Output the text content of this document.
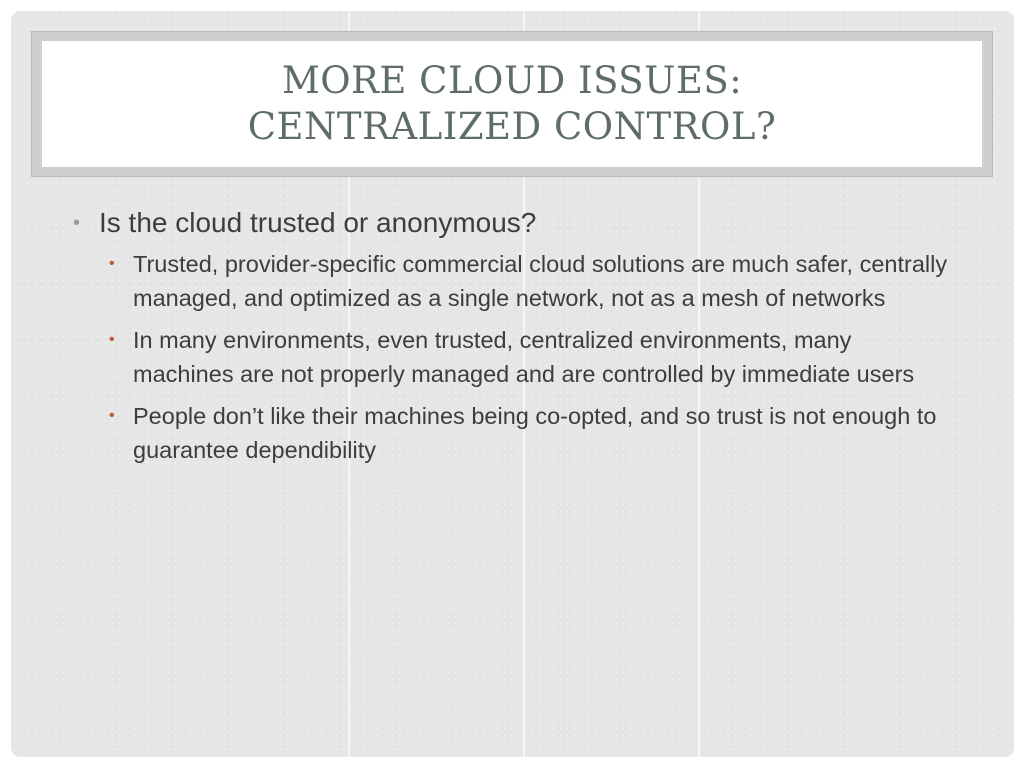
MORE CLOUD ISSUES:
CENTRALIZED CONTROL?
• Is the cloud trusted or anonymous?
• Trusted, provider-specific commercial cloud solutions are much safer, centrally managed, and optimized as a single network, not as a mesh of networks
• In many environments, even trusted, centralized environments, many machines are not properly managed and are controlled by immediate users
• People don’t like their machines being co-opted, and so trust is not enough to guarantee dependibility
